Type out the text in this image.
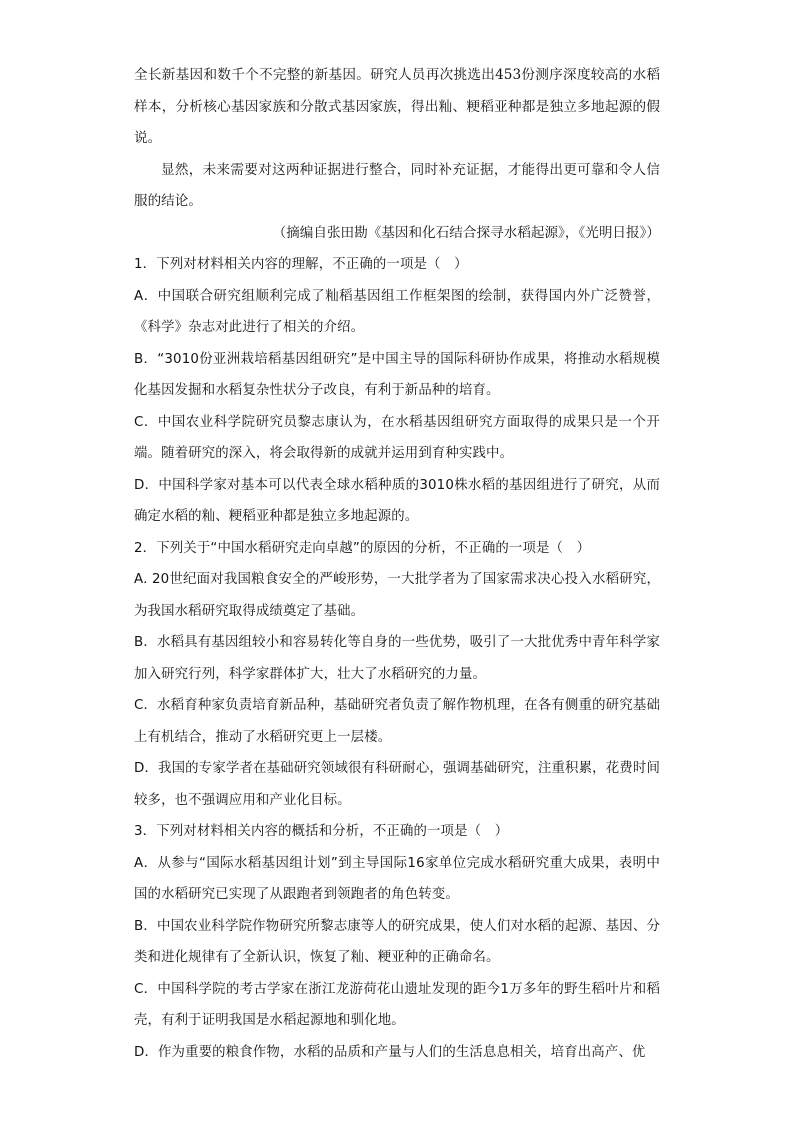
全长新基因和数千个不完整的新基因。研究人员再次挑选出453份测序深度较高的水稻样本，分析核心基因家族和分散式基因家族，得出籼、粳稻亚种都是独立多地起源的假说。

显然，未来需要对这两种证据进行整合，同时补充证据，才能得出更可靠和令人信服的结论。

（摘编自张田勘《基因和化石结合探寻水稻起源》，《光明日报》）

1．下列对材料相关内容的理解，不正确的一项是（　）

A．中国联合研究组顺利完成了籼稻基因组工作框架图的绘制，获得国内外广泛赞誉，《科学》杂志对此进行了相关的介绍。

B．“3010份亚洲栽培稻基因组研究”是中国主导的国际科研协作成果，将推动水稻规模化基因发掘和水稻复杂性状分子改良，有利于新品种的培育。

C．中国农业科学院研究员黎志康认为，在水稻基因组研究方面取得的成果只是一个开端。随着研究的深入，将会取得新的成就并运用到育种实践中。

D．中国科学家对基本可以代表全球水稻种质的3010株水稻的基因组进行了研究，从而确定水稻的籼、粳稻亚种都是独立多地起源的。

2．下列关于“中国水稻研究走向卓越”的原因的分析，不正确的一项是（　）

A. 20世纪面对我国粮食安全的严峻形势，一大批学者为了国家需求决心投入水稻研究，为我国水稻研究取得成绩奠定了基础。

B．水稻具有基因组较小和容易转化等自身的一些优势，吸引了一大批优秀中青年科学家加入研究行列，科学家群体扩大，壮大了水稻研究的力量。

C．水稻育种家负责培育新品种，基础研究者负责了解作物机理，在各有侧重的研究基础上有机结合，推动了水稻研究更上一层楼。

D．我国的专家学者在基础研究领域很有科研耐心，强调基础研究，注重积累，花费时间较多，也不强调应用和产业化目标。

3．下列对材料相关内容的概括和分析，不正确的一项是（　）

A．从参与“国际水稻基因组计划”到主导国际16家单位完成水稻研究重大成果，表明中国的水稻研究已实现了从跟跑者到领跑者的角色转变。

B．中国农业科学院作物研究所黎志康等人的研究成果，使人们对水稻的起源、基因、分类和进化规律有了全新认识，恢复了籼、粳亚种的正确命名。

C．中国科学院的考古学家在浙江龙游荷花山遗址发现的距今1万多年的野生稻叶片和稻壳，有利于证明我国是水稻起源地和驯化地。

D．作为重要的粮食作物，水稻的品质和产量与人们的生活息息相关，培育出高产、优
